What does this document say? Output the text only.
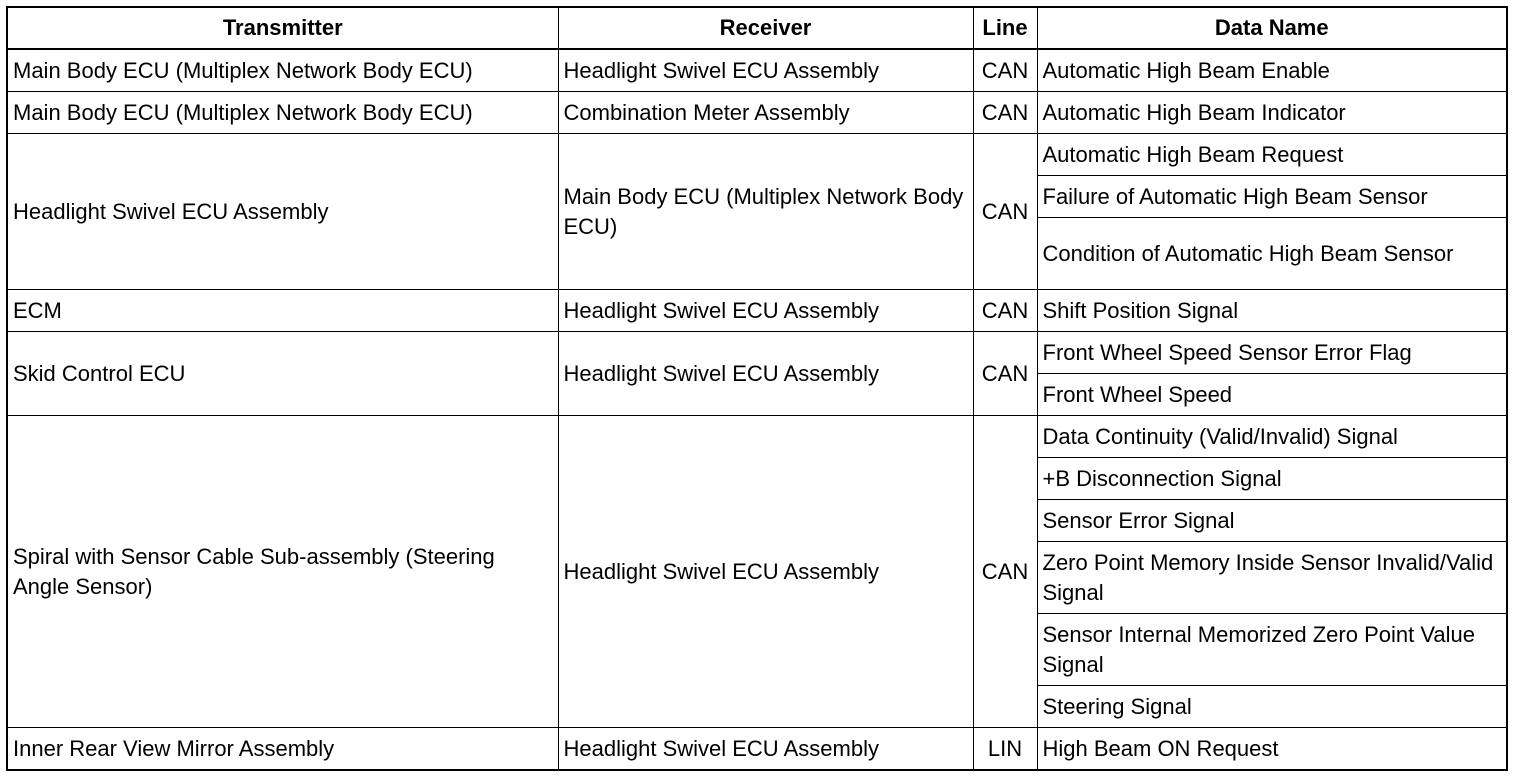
Transmitter	Receiver	Line	Data Name
Main Body ECU (Multiplex Network Body ECU)	Headlight Swivel ECU Assembly	CAN	Automatic High Beam Enable
Main Body ECU (Multiplex Network Body ECU)	Combination Meter Assembly	CAN	Automatic High Beam Indicator
Headlight Swivel ECU Assembly	Main Body ECU (Multiplex Network Body ECU)	CAN	Automatic High Beam Request
			Failure of Automatic High Beam Sensor
			Condition of Automatic High Beam Sensor
ECM	Headlight Swivel ECU Assembly	CAN	Shift Position Signal
Skid Control ECU	Headlight Swivel ECU Assembly	CAN	Front Wheel Speed Sensor Error Flag
			Front Wheel Speed
Spiral with Sensor Cable Sub-assembly (Steering Angle Sensor)	Headlight Swivel ECU Assembly	CAN	Data Continuity (Valid/Invalid) Signal
			+B Disconnection Signal
			Sensor Error Signal
			Zero Point Memory Inside Sensor Invalid/Valid Signal
			Sensor Internal Memorized Zero Point Value Signal
			Steering Signal
Inner Rear View Mirror Assembly	Headlight Swivel ECU Assembly	LIN	High Beam ON Request
